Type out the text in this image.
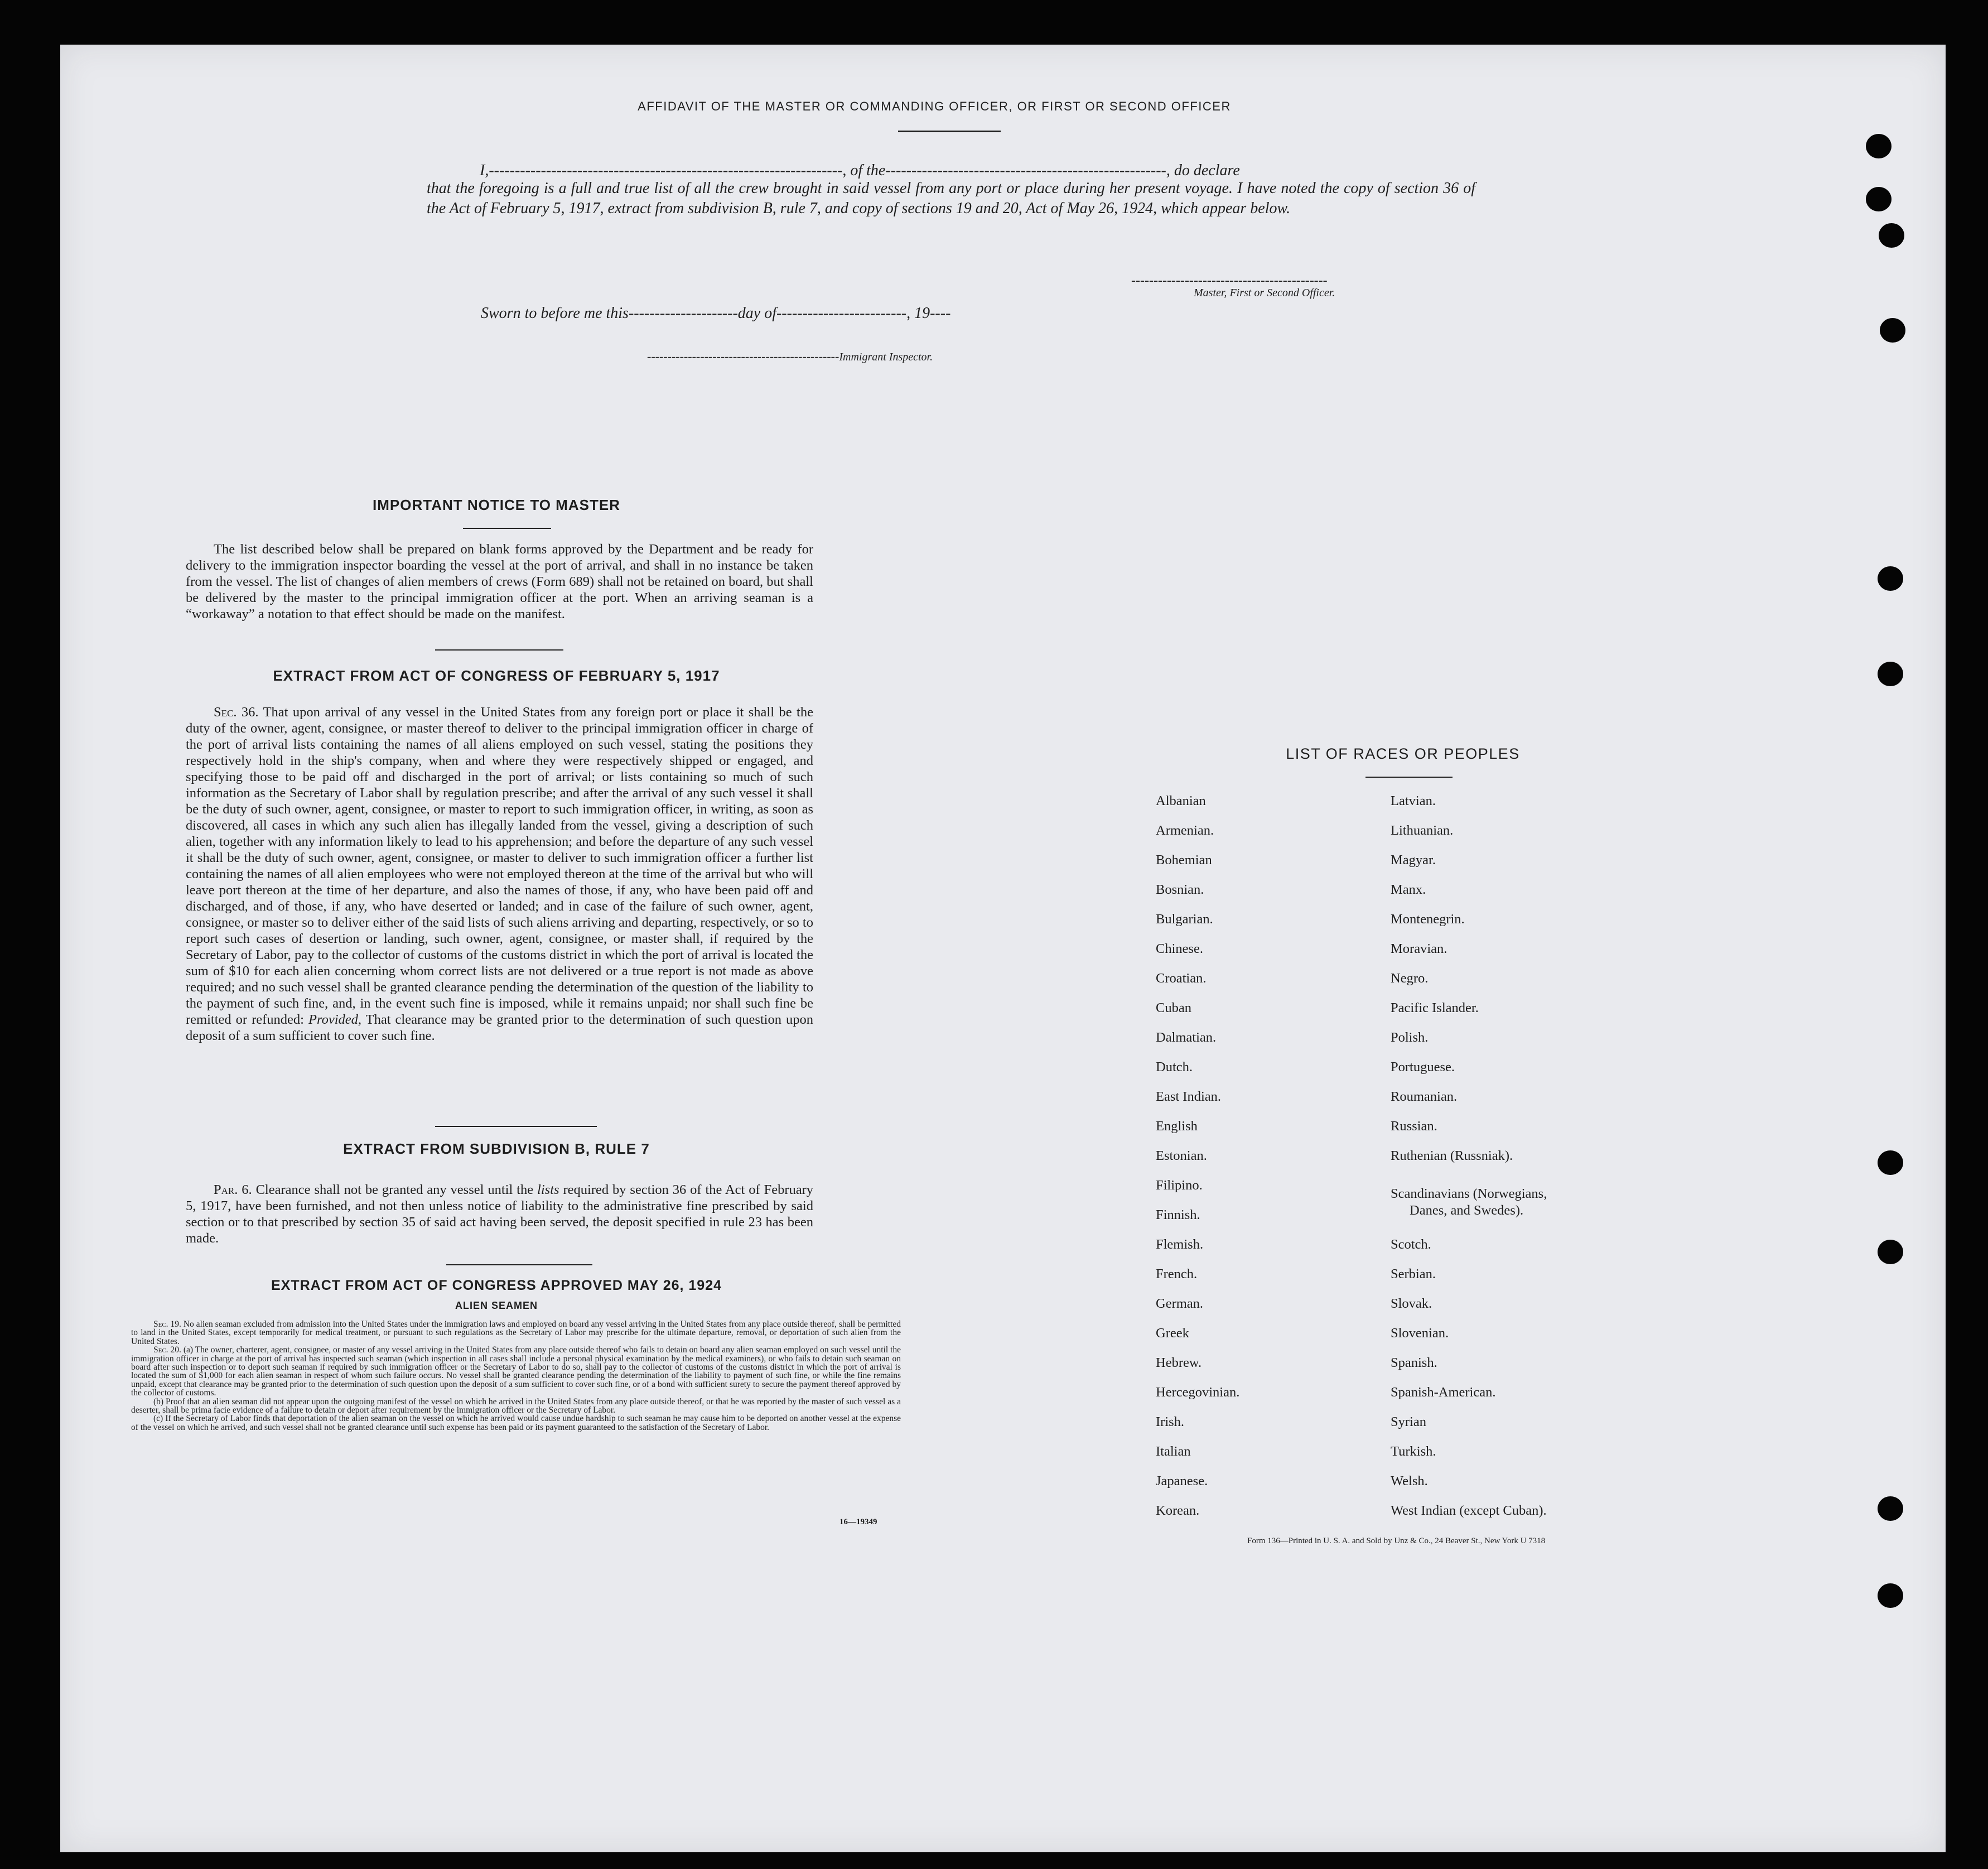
AFFIDAVIT OF THE MASTER OR COMMANDING OFFICER, OR FIRST OR SECOND OFFICER
I,--------------------------------------------------------------------, of the------------------------------------------------------, do declare
that the foregoing is a full and true list of all the crew brought in said vessel from any port or place during her present voyage. I have noted the copy of section 36 of the Act of February 5, 1917, extract from subdivision B, rule 7, and copy of sections 19 and 20, Act of May 26, 1924, which appear below.
--------------------------------------------
Master, First or Second Officer.
Sworn to before me this---------------------day of-------------------------, 19----
-----------------------------------------------Immigrant Inspector.
IMPORTANT NOTICE TO MASTER

The list described below shall be prepared on blank forms approved by the Department and be ready for delivery to the immigration inspector boarding the vessel at the port of arrival, and shall in no instance be taken from the vessel. The list of changes of alien members of crews (Form 689) shall not be retained on board, but shall be delivered by the master to the principal immigration officer at the port. When an arriving seaman is a “workaway” a notation to that effect should be made on the manifest.

EXTRACT FROM ACT OF CONGRESS OF FEBRUARY 5, 1917

Sec. 36. That upon arrival of any vessel in the United States from any foreign port or place it shall be the duty of the owner, agent, consignee, or master thereof to deliver to the principal immigration officer in charge of the port of arrival lists containing the names of all aliens employed on such vessel, stating the positions they respectively hold in the ship's company, when and where they were respectively shipped or engaged, and specifying those to be paid off and discharged in the port of arrival; or lists containing so much of such information as the Secretary of Labor shall by regulation prescribe; and after the arrival of any such vessel it shall be the duty of such owner, agent, consignee, or master to report to such immigration officer, in writing, as soon as discovered, all cases in which any such alien has illegally landed from the vessel, giving a description of such alien, together with any information likely to lead to his apprehension; and before the departure of any such vessel it shall be the duty of such owner, agent, consignee, or master to deliver to such immigration officer a further list containing the names of all alien employees who were not employed thereon at the time of the arrival but who will leave port thereon at the time of her departure, and also the names of those, if any, who have been paid off and discharged, and of those, if any, who have deserted or landed; and in case of the failure of such owner, agent, consignee, or master so to deliver either of the said lists of such aliens arriving and departing, respectively, or so to report such cases of desertion or landing, such owner, agent, consignee, or master shall, if required by the Secretary of Labor, pay to the collector of customs of the customs district in which the port of arrival is located the sum of $10 for each alien concerning whom correct lists are not delivered or a true report is not made as above required; and no such vessel shall be granted clearance pending the determination of the question of the liability to the payment of such fine, and, in the event such fine is imposed, while it remains unpaid; nor shall such fine be remitted or refunded: Provided, That clearance may be granted prior to the determination of such question upon deposit of a sum sufficient to cover such fine.

EXTRACT FROM SUBDIVISION B, RULE 7

Par. 6. Clearance shall not be granted any vessel until the lists required by section 36 of the Act of February 5, 1917, have been furnished, and not then unless notice of liability to the administrative fine prescribed by said section or to that prescribed by section 35 of said act having been served, the deposit specified in rule 23 has been made.

EXTRACT FROM ACT OF CONGRESS APPROVED MAY 26, 1924
ALIEN SEAMEN

Sec. 19. No alien seaman excluded from admission into the United States under the immigration laws and employed on board any vessel arriving in the United States from any place outside thereof, shall be permitted to land in the United States, except temporarily for medical treatment, or pursuant to such regulations as the Secretary of Labor may prescribe for the ultimate departure, removal, or deportation of such alien from the United States.

Sec. 20. (a) The owner, charterer, agent, consignee, or master of any vessel arriving in the United States from any place outside thereof who fails to detain on board any alien seaman employed on such vessel until the immigration officer in charge at the port of arrival has inspected such seaman (which inspection in all cases shall include a personal physical examination by the medical examiners), or who fails to detain such seaman on board after such inspection or to deport such seaman if required by such immigration officer or the Secretary of Labor to do so, shall pay to the collector of customs of the customs district in which the port of arrival is located the sum of $1,000 for each alien seaman in respect of whom such failure occurs. No vessel shall be granted clearance pending the determination of the liability to payment of such fine, or while the fine remains unpaid, except that clearance may be granted prior to the determination of such question upon the deposit of a sum sufficient to cover such fine, or of a bond with sufficient surety to secure the payment thereof approved by the collector of customs.

(b) Proof that an alien seaman did not appear upon the outgoing manifest of the vessel on which he arrived in the United States from any place outside thereof, or that he was reported by the master of such vessel as a deserter, shall be prima facie evidence of a failure to detain or deport after requirement by the immigration officer or the Secretary of Labor.

(c) If the Secretary of Labor finds that deportation of the alien seaman on the vessel on which he arrived would cause undue hardship to such seaman he may cause him to be deported on another vessel at the expense of the vessel on which he arrived, and such vessel shall not be granted clearance until such expense has been paid or its payment guaranteed to the satisfaction of the Secretary of Labor.

16—19349
LIST OF RACES OR PEOPLES
Albanian
Armenian.
Bohemian
Bosnian.
Bulgarian.
Chinese.
Croatian.
Cuban
Dalmatian.
Dutch.
East Indian.
English
Estonian.
Filipino.
Finnish.
Flemish.
French.
German.
Greek
Hebrew.
Hercegovinian.
Irish.
Italian
Japanese.
Korean.
Latvian.
Lithuanian.
Magyar.
Manx.
Montenegrin.
Moravian.
Negro.
Pacific Islander.
Polish.
Portuguese.
Roumanian.
Russian.
Ruthenian (Russniak).
Scandinavians (Norwegians,
Danes, and Swedes).
Scotch.
Serbian.
Slovak.
Slovenian.
Spanish.
Spanish-American.
Syrian
Turkish.
Welsh.
West Indian (except Cuban).
Form 136—Printed in U. S. A. and Sold by Unz & Co., 24 Beaver St., New York U 7318
